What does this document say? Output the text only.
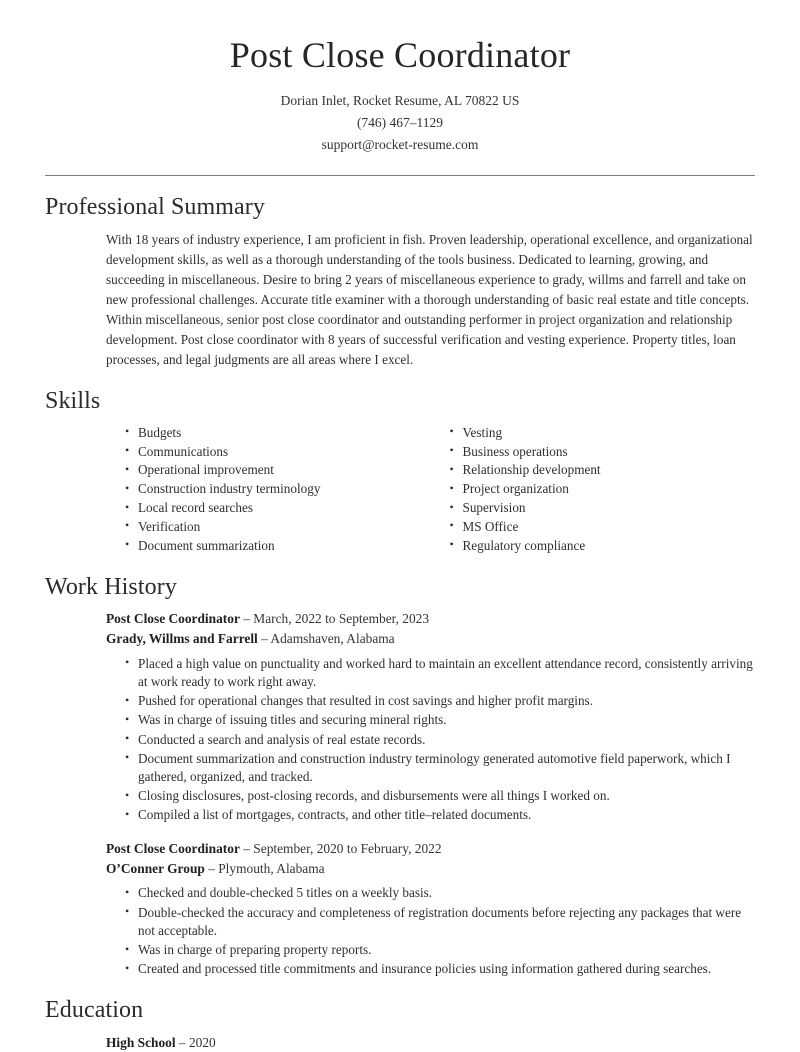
Post Close Coordinator
Dorian Inlet, Rocket Resume, AL 70822 US
(746) 467–1129
support@rocket-resume.com
Professional Summary

With 18 years of industry experience, I am proficient in fish. Proven leadership, operational excellence, and organizational development skills, as well as a thorough understanding of the tools business. Dedicated to learning, growing, and succeeding in miscellaneous. Desire to bring 2 years of miscellaneous experience to grady, willms and farrell and take on new professional challenges. Accurate title examiner with a thorough understanding of basic real estate and title concepts. Within miscellaneous, senior post close coordinator and outstanding performer in project organization and relationship development. Post close coordinator with 8 years of successful verification and vesting experience. Property titles, loan processes, and legal judgments are all areas where I excel.

Skills
• Budgets
• Communications
• Operational improvement
• Construction industry terminology
• Local record searches
• Verification
• Document summarization
• Vesting
• Business operations
• Relationship development
• Project organization
• Supervision
• MS Office
• Regulatory compliance
Work History
Post Close Coordinator – March, 2022 to September, 2023
Grady, Willms and Farrell – Adamshaven, Alabama
• Placed a high value on punctuality and worked hard to maintain an excellent attendance record, consistently arriving at work ready to work right away.
• Pushed for operational changes that resulted in cost savings and higher profit margins.
• Was in charge of issuing titles and securing mineral rights.
• Conducted a search and analysis of real estate records.
• Document summarization and construction industry terminology generated automotive field paperwork, which I gathered, organized, and tracked.
• Closing disclosures, post-closing records, and disbursements were all things I worked on.
• Compiled a list of mortgages, contracts, and other title–related documents.
Post Close Coordinator – September, 2020 to February, 2022
O’Conner Group – Plymouth, Alabama
• Checked and double-checked 5 titles on a weekly basis.
• Double-checked the accuracy and completeness of registration documents before rejecting any packages that were not acceptable.
• Was in charge of preparing property reports.
• Created and processed title commitments and insurance policies using information gathered during searches.
Education
High School – 2020
